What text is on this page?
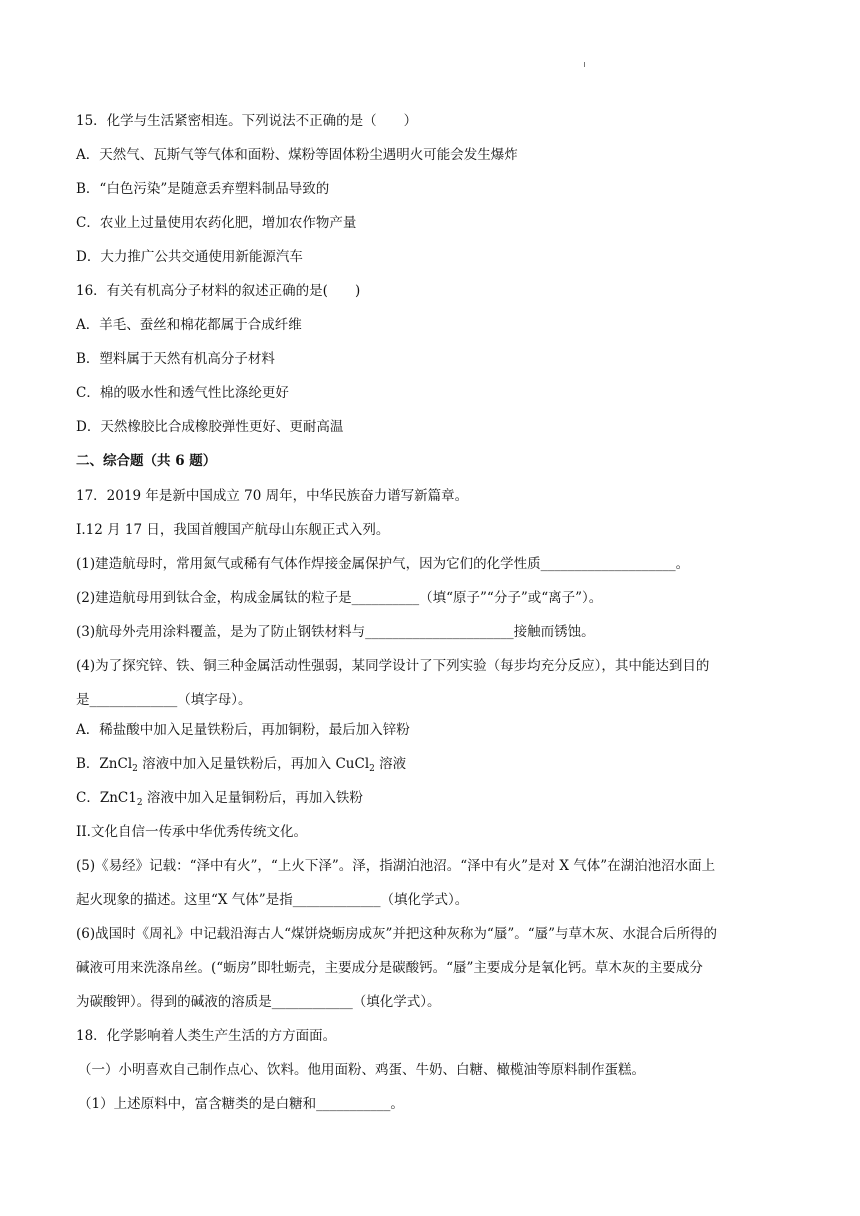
15．化学与生活紧密相连。下列说法不正确的是（　　）
A．天然气、瓦斯气等气体和面粉、煤粉等固体粉尘遇明火可能会发生爆炸
B．“白色污染”是随意丢弃塑料制品导致的
C．农业上过量使用农药化肥，增加农作物产量
D．大力推广公共交通使用新能源汽车
16．有关有机高分子材料的叙述正确的是(　　)
A．羊毛、蚕丝和棉花都属于合成纤维
B．塑料属于天然有机高分子材料
C．棉的吸水性和透气性比涤纶更好
D．天然橡胶比合成橡胶弹性更好、更耐高温
二、综合题（共 6 题）
17．2019 年是新中国成立 70 周年，中华民族奋力谱写新篇章。
I.12 月 17 日，我国首艘国产航母山东舰正式入列。
(1)建造航母时，常用氮气或稀有气体作焊接金属保护气，因为它们的化学性质____________________。
(2)建造航母用到钛合金，构成金属钛的粒子是__________（填“原子”“分子”或“离子”）。
(3)航母外壳用涂料覆盖，是为了防止钢铁材料与______________________接触而锈蚀。
(4)为了探究锌、铁、铜三种金属活动性强弱，某同学设计了下列实验（每步均充分反应），其中能达到目的
是_____________（填字母）。
A．稀盐酸中加入足量铁粉后，再加铜粉，最后加入锌粉
B．ZnCl$_2$ 溶液中加入足量铁粉后，再加入 CuCl$_2$ 溶液
C．$ZnC1_2$ 溶液中加入足量铜粉后，再加入铁粉
II.文化自信一传承中华优秀传统文化。
(5)《易经》记载：“泽中有火”，“上火下泽”。泽，指湖泊池沼。“泽中有火”是对 X 气体”在湖泊池沼水面上
起火现象的描述。这里“X 气体”是指_____________（填化学式）。
(6)战国时《周礼》中记载沿海古人“煤饼烧蛎房成灰”并把这种灰称为“蜃”。“蜃”与草木灰、水混合后所得的
碱液可用来洗涤帛丝。(“蛎房”即牡蛎壳，主要成分是碳酸钙。“蜃”主要成分是氧化钙。草木灰的主要成分
为碳酸钾）。得到的碱液的溶质是____________（填化学式）。
18．化学影响着人类生产生活的方方面面。
（一）小明喜欢自己制作点心、饮料。他用面粉、鸡蛋、牛奶、白糖、橄榄油等原料制作蛋糕。
（1）上述原料中，富含糖类的是白糖和___________。
